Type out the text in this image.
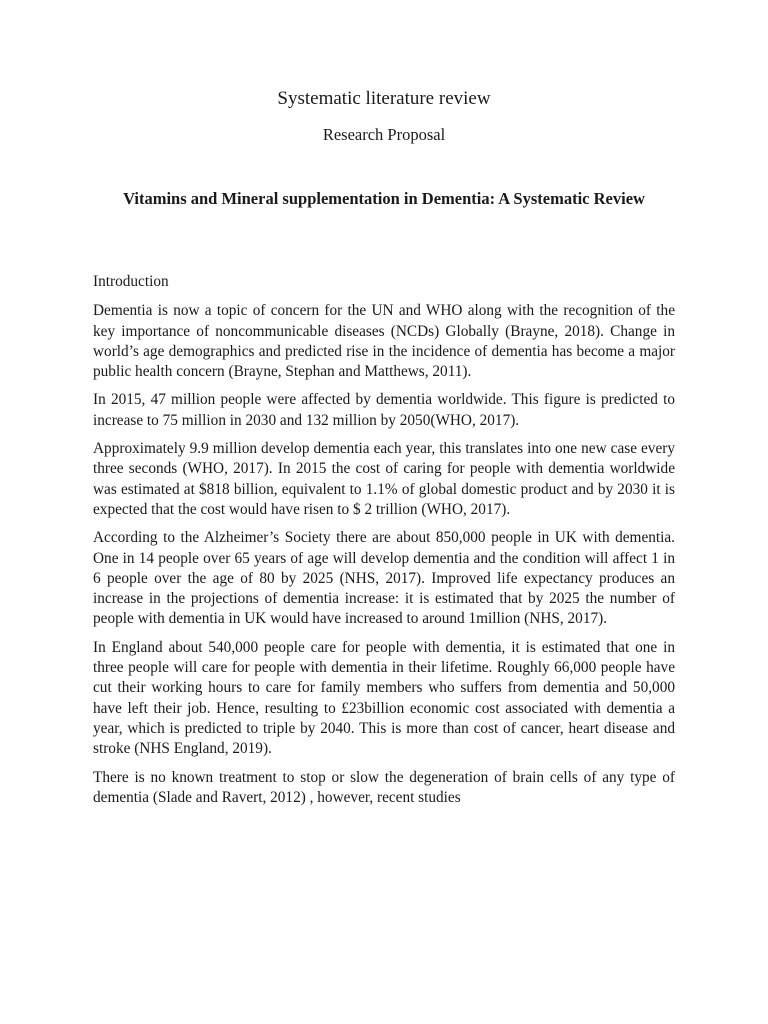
Systematic literature review
Research Proposal
Vitamins and Mineral supplementation in Dementia: A Systematic Review
Introduction

Dementia is now a topic of concern for the UN and WHO along with the recognition of the key importance of noncommunicable diseases (NCDs) Globally (Brayne, 2018). Change in world’s age demographics and predicted rise in the incidence of dementia has become a major public health concern (Brayne, Stephan and Matthews, 2011).

In 2015, 47 million people were affected by dementia worldwide. This figure is predicted to increase to 75 million in 2030 and 132 million by 2050(WHO, 2017).

Approximately 9.9 million develop dementia each year, this translates into one new case every three seconds (WHO, 2017). In 2015 the cost of caring for people with dementia worldwide was estimated at $818 billion, equivalent to 1.1% of global domestic product and by 2030 it is expected that the cost would have risen to $ 2 trillion (WHO, 2017).

According to the Alzheimer’s Society there are about 850,000 people in UK with dementia. One in 14 people over 65 years of age will develop dementia and the condition will affect 1 in 6 people over the age of 80 by 2025 (NHS, 2017). Improved life expectancy produces an increase in the projections of dementia increase: it is estimated that by 2025 the number of people with dementia in UK would have increased to around 1million (NHS, 2017).

In England about 540,000 people care for people with dementia, it is estimated that one in three people will care for people with dementia in their lifetime. Roughly 66,000 people have cut their working hours to care for family members who suffers from dementia and 50,000 have left their job. Hence, resulting to £23billion economic cost associated with dementia a year, which is predicted to triple by 2040. This is more than cost of cancer, heart disease and stroke (NHS England, 2019).

There is no known treatment to stop or slow the degeneration of brain cells of any type of dementia (Slade and Ravert, 2012) , however, recent studies
